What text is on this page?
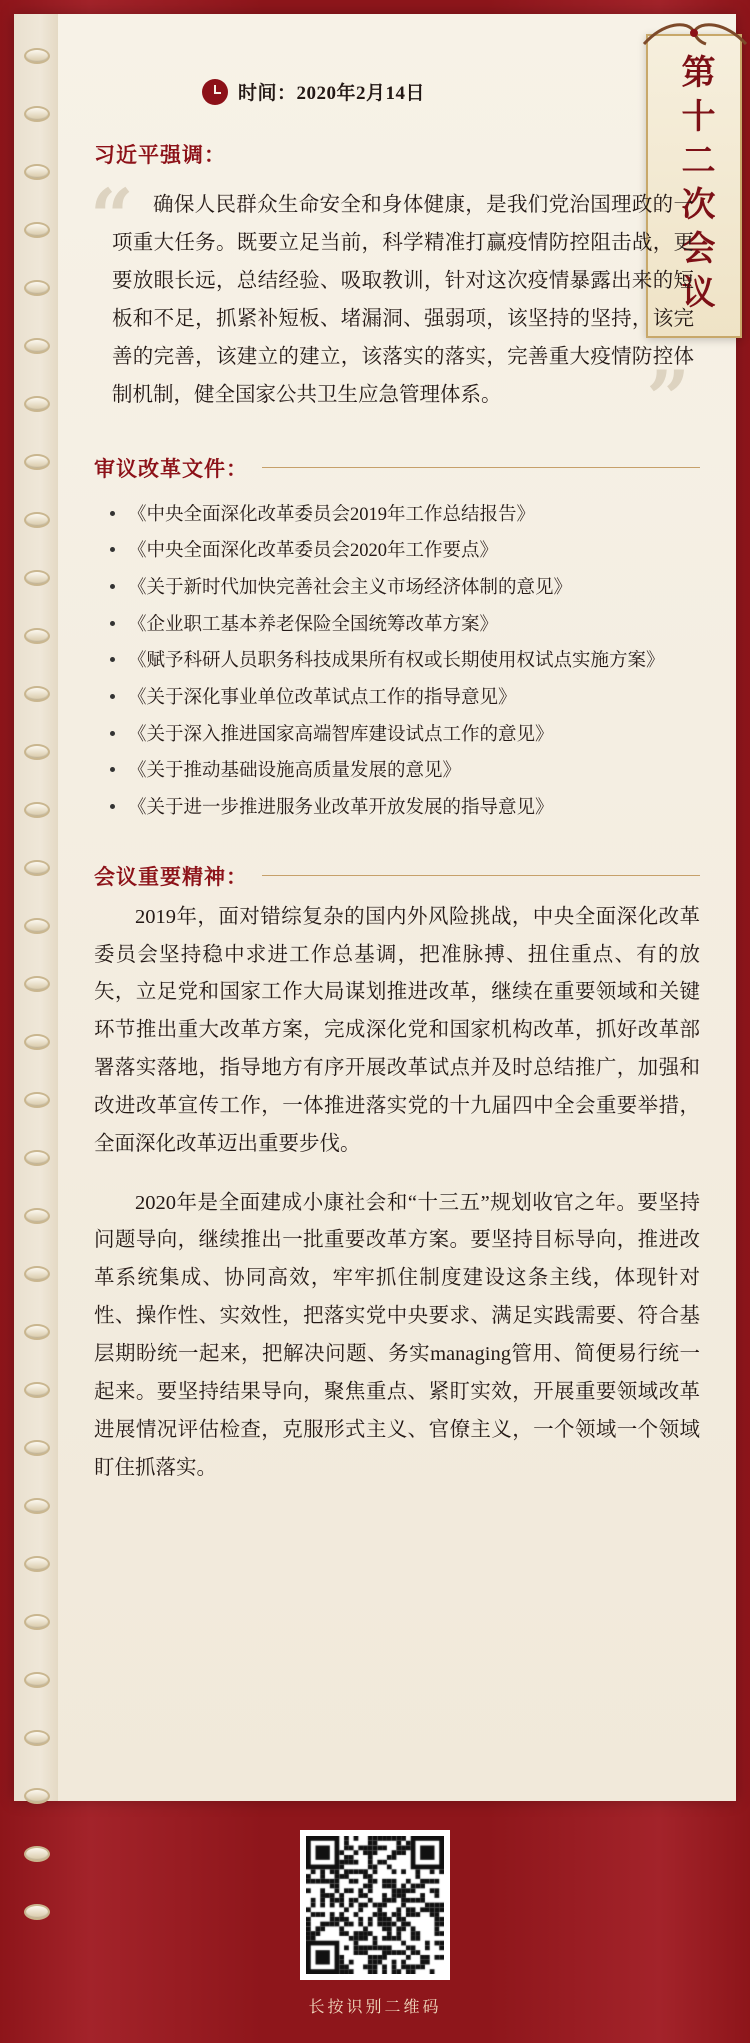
第十二次会议
时间： 2020年2月14日
习近平强调：
“
”
确保人民群众生命安全和身体健康，是我们党治国理政的一项重大任务。既要立足当前，科学精准打赢疫情防控阻击战，更要放眼长远，总结经验、吸取教训，针对这次疫情暴露出来的短板和不足，抓紧补短板、堵漏洞、强弱项，该坚持的坚持，该完善的完善，该建立的建立，该落实的落实，完善重大疫情防控体制机制，健全国家公共卫生应急管理体系。
审议改革文件：
《中央全面深化改革委员会2019年工作总结报告》
《中央全面深化改革委员会2020年工作要点》
《关于新时代加快完善社会主义市场经济体制的意见》
《企业职工基本养老保险全国统筹改革方案》
《赋予科研人员职务科技成果所有权或长期使用权试点实施方案》
《关于深化事业单位改革试点工作的指导意见》
《关于深入推进国家高端智库建设试点工作的意见》
《关于推动基础设施高质量发展的意见》
《关于进一步推进服务业改革开放发展的指导意见》
会议重要精神：

2019年，面对错综复杂的国内外风险挑战，中央全面深化改革委员会坚持稳中求进工作总基调，把准脉搏、扭住重点、有的放矢，立足党和国家工作大局谋划推进改革，继续在重要领域和关键环节推出重大改革方案，完成深化党和国家机构改革，抓好改革部署落实落地，指导地方有序开展改革试点并及时总结推广，加强和改进改革宣传工作，一体推进落实党的十九届四中全会重要举措，全面深化改革迈出重要步伐。

2020年是全面建成小康社会和“十三五”规划收官之年。要坚持问题导向，继续推出一批重要改革方案。要坚持目标导向，推进改革系统集成、协同高效，牢牢抓住制度建设这条主线，体现针对性、操作性、实效性，把落实党中央要求、满足实践需要、符合基层期盼统一起来，把解决问题、务实managing管用、简便易行统一起来。要坚持结果导向，聚焦重点、紧盯实效，开展重要领域改革进展情况评估检查，克服形式主义、官僚主义，一个领域一个领域盯住抓落实。

长按识别二维码
